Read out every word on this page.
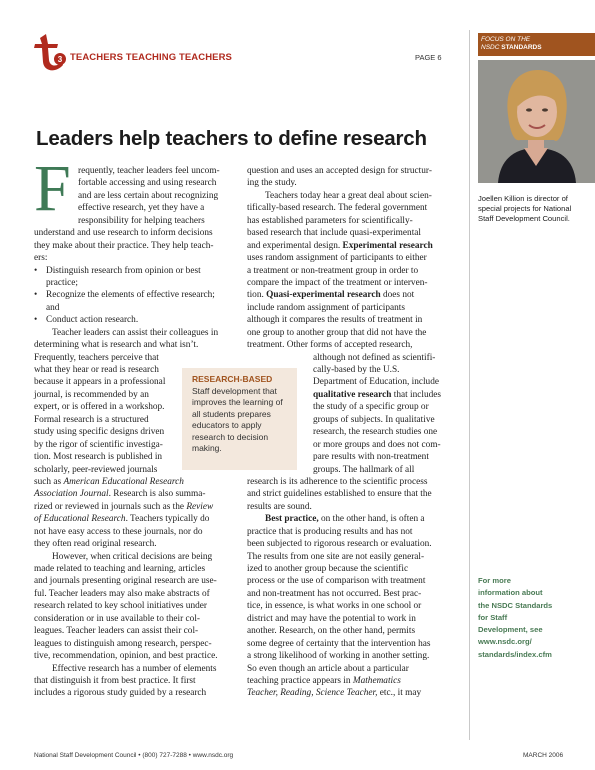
3 TEACHERS TEACHING TEACHERS	PAGE 6
FOCUS ON THE
NSDC STANDARDS
Joellen Killion is director of special projects for National Staff Development Council.
For more
information about
the NSDC Standards
for Staff
Development, see
www.nsdc.org/
standards/index.cfm
Leaders help teachers to define research
F requently, teacher leaders feel uncom-
fortable accessing and using research
and are less certain about recognizing
effective research, yet they have a
responsibility for helping teachers
understand and use research to inform decisions
they make about their practice. They help teach-
ers:
• Distinguish research from opinion or best
practice;
• Recognize the elements of effective research;
and
• Conduct action research.
Teacher leaders can assist their colleagues in
determining what is research and what isn’t.
Frequently, teachers perceive that
what they hear or read is research
because it appears in a professional
journal, is recommended by an
expert, or is offered in a workshop.
Formal research is a structured
study using specific designs driven
by the rigor of scientific investiga-
tion. Most research is published in
scholarly, peer-reviewed journals
such as American Educational Research
Association Journal. Research is also summa-
rized or reviewed in journals such as the Review
of Educational Research. Teachers typically do
not have easy access to these journals, nor do
they often read original research.
However, when critical decisions are being
made related to teaching and learning, articles
and journals presenting original research are use-
ful. Teacher leaders may also make abstracts of
research related to key school initiatives under
consideration or in use available to their col-
leagues. Teacher leaders can assist their col-
leagues to distinguish among research, perspec-
tive, recommendation, opinion, and best practice.
Effective research has a number of elements
that distinguish it from best practice. It first
includes a rigorous study guided by a research
question and uses an accepted design for structur-
ing the study.
Teachers today hear a great deal about scien-
tifically-based research. The federal government
has established parameters for scientifically-
based research that include quasi-experimental
and experimental design. Experimental research
uses random assignment of participants to either
a treatment or non-treatment group in order to
compare the impact of the treatment or interven-
tion. Quasi-experimental research does not
include random assignment of participants
although it compares the results of treatment in
one group to another group that did not have the
treatment. Other forms of accepted research,
although not defined as scientifi-
cally-based by the U.S.
Department of Education, include
qualitative research that includes
the study of a specific group or
groups of subjects. In qualitative
research, the research studies one
or more groups and does not com-
pare results with non-treatment
groups. The hallmark of all
research is its adherence to the scientific process
and strict guidelines established to ensure that the
results are sound.
Best practice, on the other hand, is often a
practice that is producing results and has not
been subjected to rigorous research or evaluation.
The results from one site are not easily general-
ized to another group because the scientific
process or the use of comparison with treatment
and non-treatment has not occurred. Best prac-
tice, in essence, is what works in one school or
district and may have the potential to work in
another. Research, on the other hand, permits
some degree of certainty that the intervention has
a strong likelihood of working in another setting.
So even though an article about a particular
teaching practice appears in Mathematics
Teacher, Reading, Science Teacher, etc., it may
RESEARCH-BASED
Staff development that improves the learning of all students prepares educators to apply research to decision making.
National Staff Development Council • (800) 727-7288 • www.nsdc.org	MARCH 2006
